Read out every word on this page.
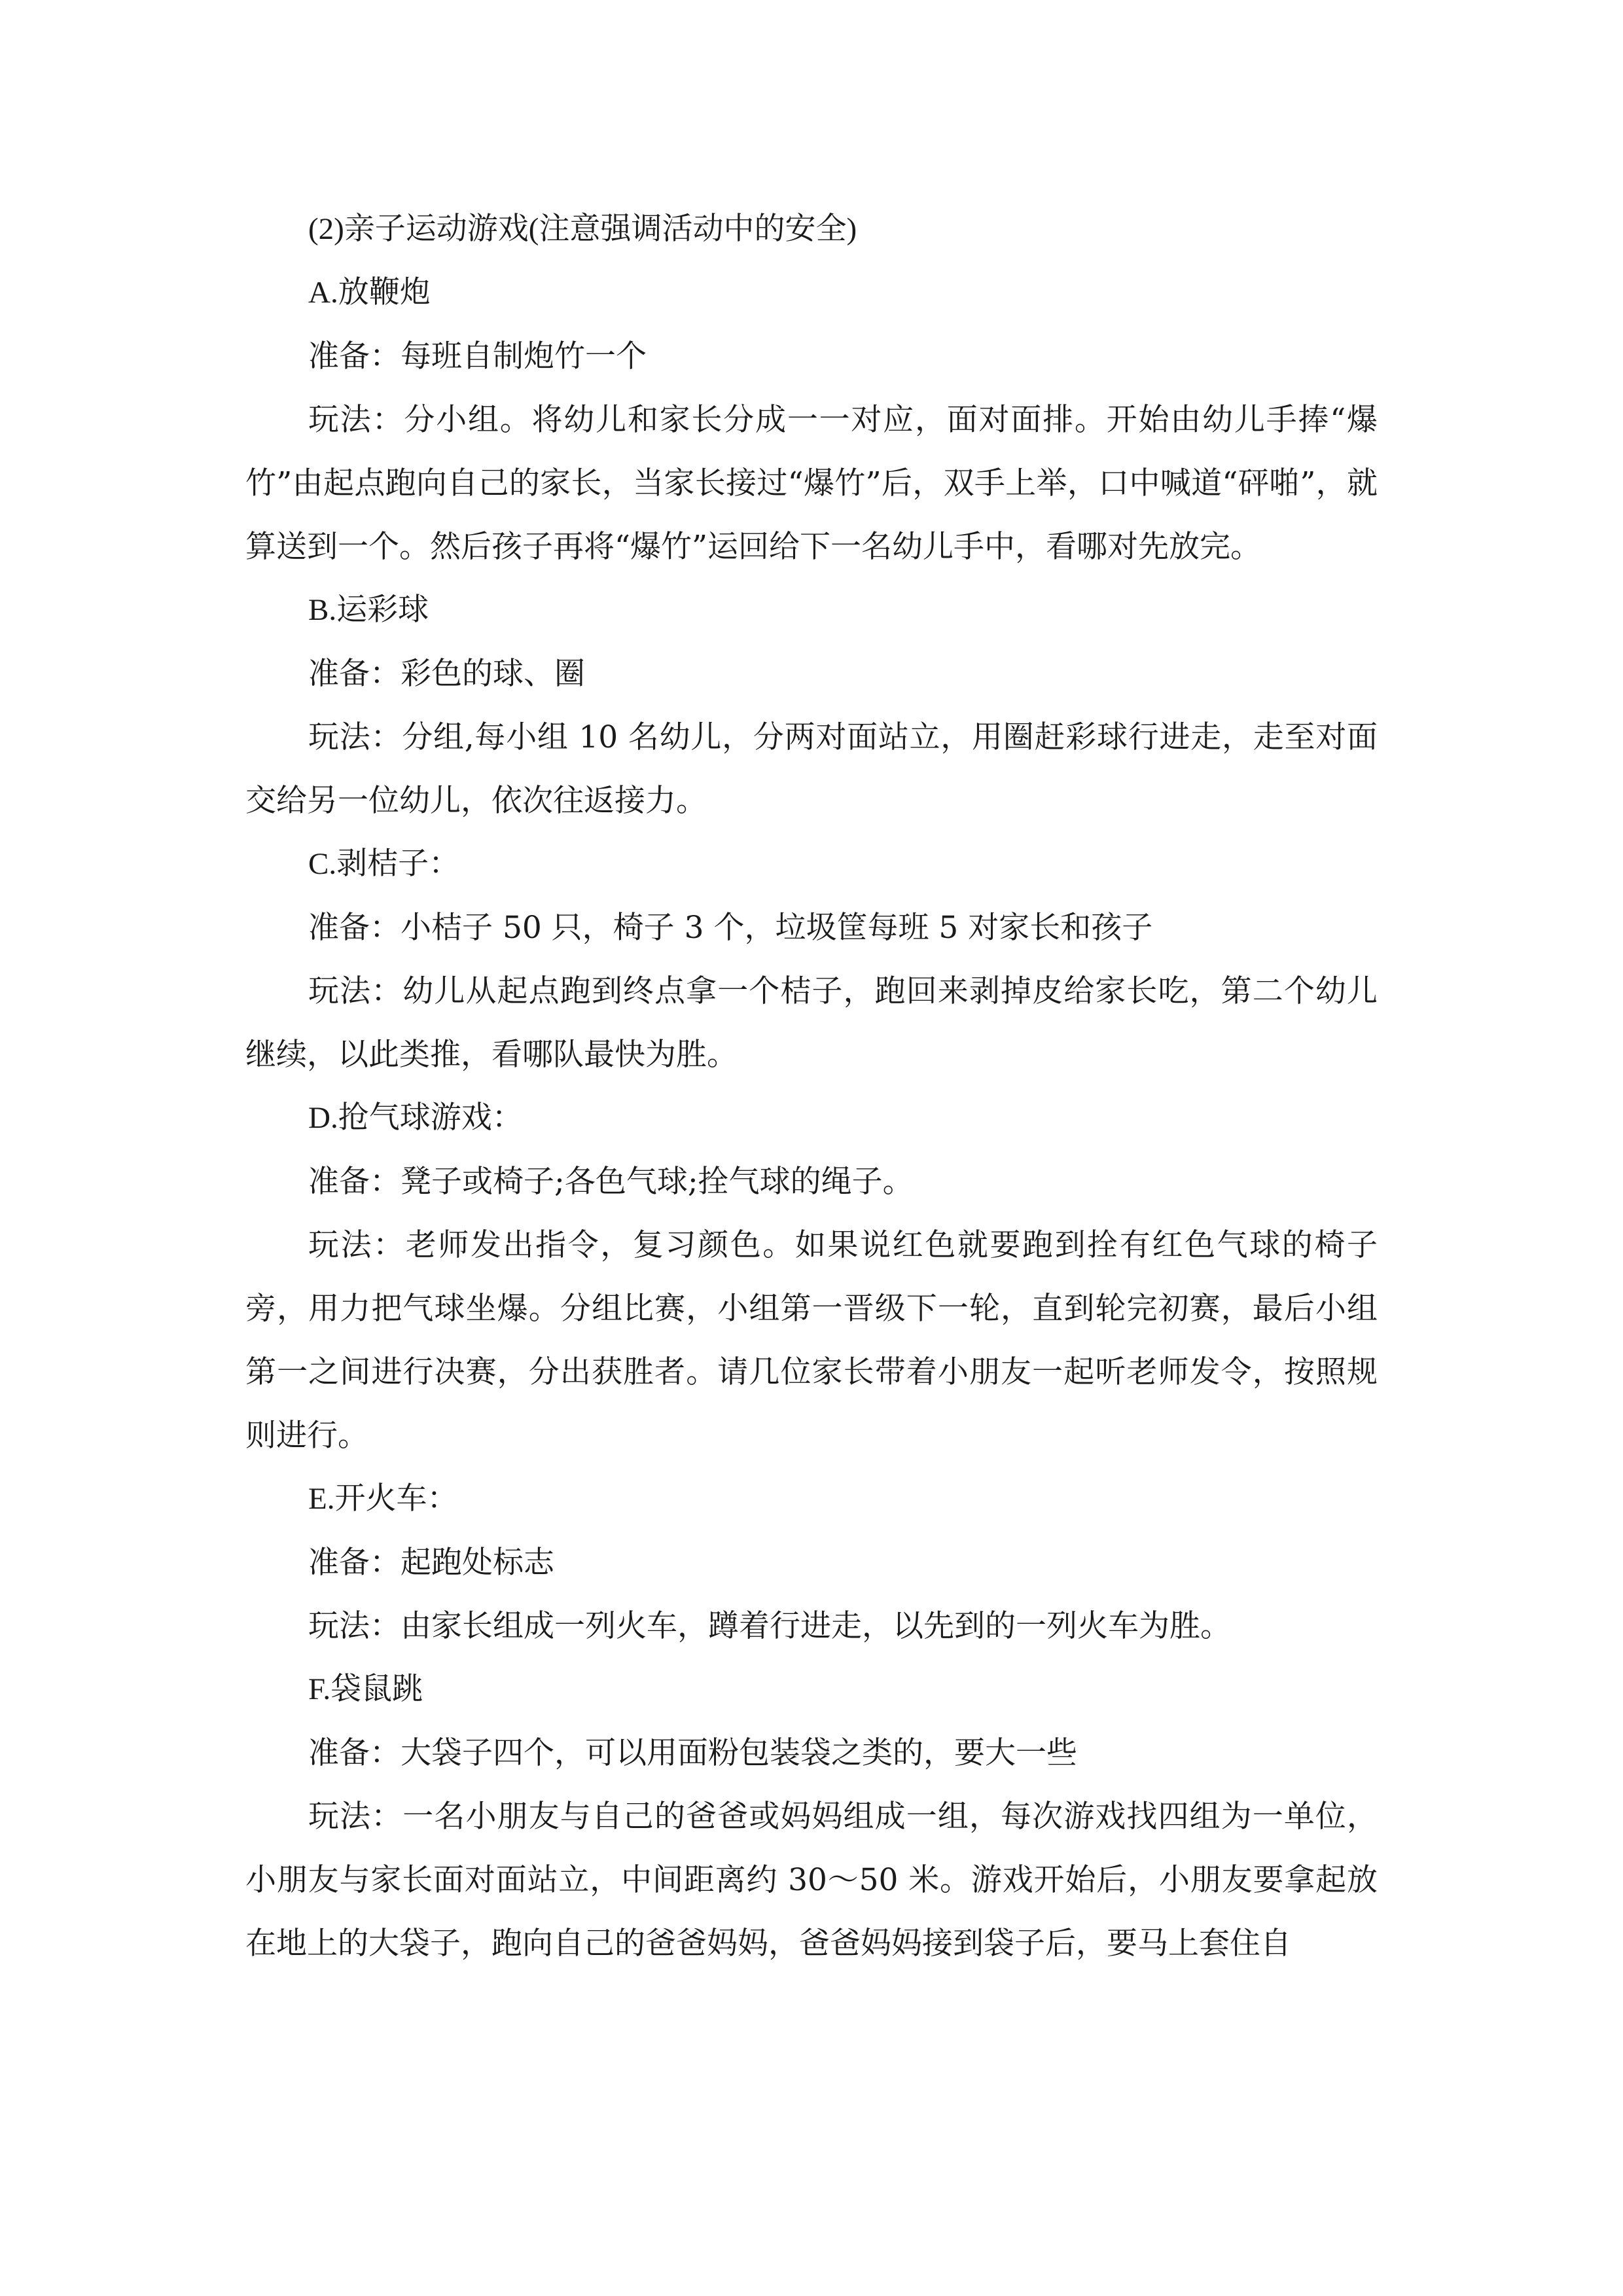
(2)亲子运动游戏(注意强调活动中的安全)

A.放鞭炮

准备：每班自制炮竹一个

玩法：分小组。将幼儿和家长分成一一对应，面对面排。开始由幼儿手捧“爆竹”由起点跑向自己的家长，当家长接过“爆竹”后，双手上举，口中喊道“砰啪”，就算送到一个。然后孩子再将“爆竹”运回给下一名幼儿手中，看哪对先放完。

B.运彩球

准备：彩色的球、圈

玩法：分组,每小组 10 名幼儿，分两对面站立，用圈赶彩球行进走，走至对面交给另一位幼儿，依次往返接力。

C.剥桔子：

准备：小桔子 50 只，椅子 3 个，垃圾筐每班 5 对家长和孩子

玩法：幼儿从起点跑到终点拿一个桔子，跑回来剥掉皮给家长吃，第二个幼儿继续，以此类推，看哪队最快为胜。

D.抢气球游戏：

准备：凳子或椅子;各色气球;拴气球的绳子。

玩法：老师发出指令，复习颜色。如果说红色就要跑到拴有红色气球的椅子旁，用力把气球坐爆。分组比赛，小组第一晋级下一轮，直到轮完初赛，最后小组第一之间进行决赛，分出获胜者。请几位家长带着小朋友一起听老师发令，按照规则进行。

E.开火车：

准备：起跑处标志

玩法：由家长组成一列火车，蹲着行进走，以先到的一列火车为胜。

F.袋鼠跳

准备：大袋子四个，可以用面粉包装袋之类的，要大一些

玩法：一名小朋友与自己的爸爸或妈妈组成一组，每次游戏找四组为一单位，小朋友与家长面对面站立，中间距离约 30～50 米。游戏开始后，小朋友要拿起放在地上的大袋子，跑向自己的爸爸妈妈，爸爸妈妈接到袋子后，要马上套住自
